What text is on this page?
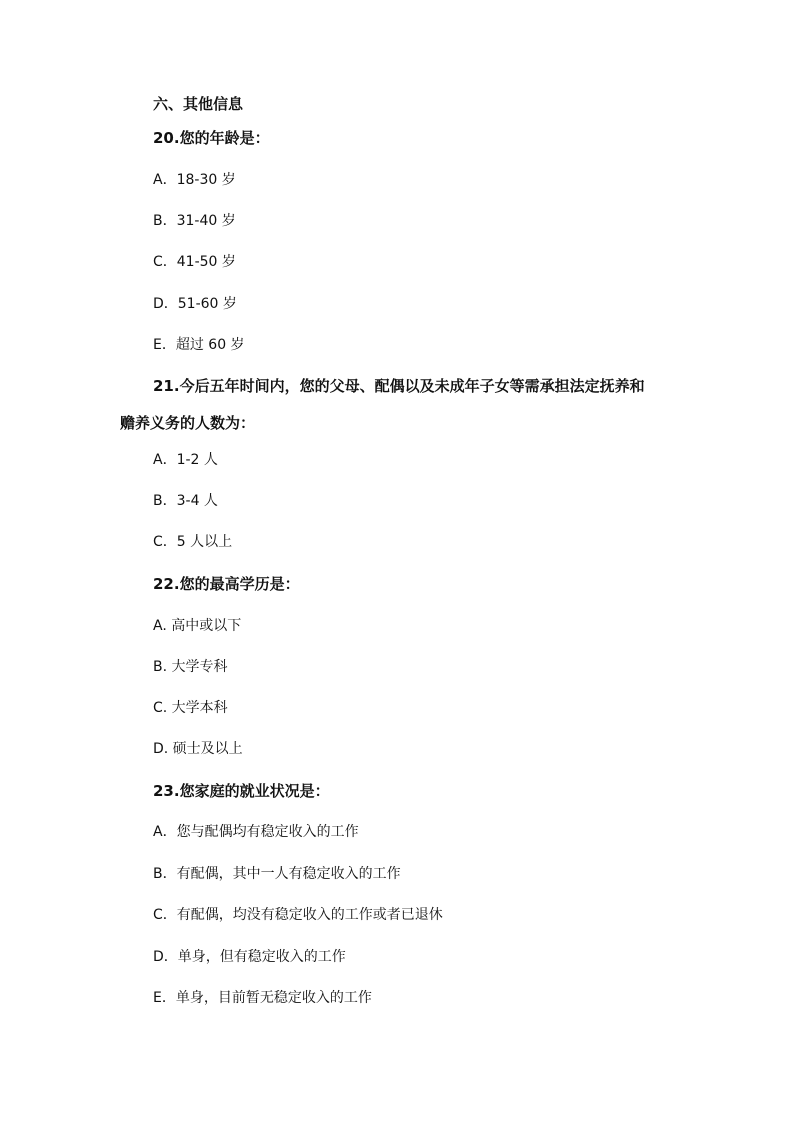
六、其他信息
20.您的年龄是：
A．18-30 岁
B．31-40 岁
C．41-50 岁
D．51-60 岁
E．超过 60 岁
21.今后五年时间内，您的父母、配偶以及未成年子女等需承担法定抚养和
赡养义务的人数为：
A．1-2 人
B．3-4 人
C．5 人以上
22.您的最高学历是：
A. 高中或以下
B. 大学专科
C. 大学本科
D. 硕士及以上
23.您家庭的就业状况是：
A．您与配偶均有稳定收入的工作
B．有配偶，其中一人有稳定收入的工作
C．有配偶，均没有稳定收入的工作或者已退休
D．单身，但有稳定收入的工作
E．单身，目前暂无稳定收入的工作
